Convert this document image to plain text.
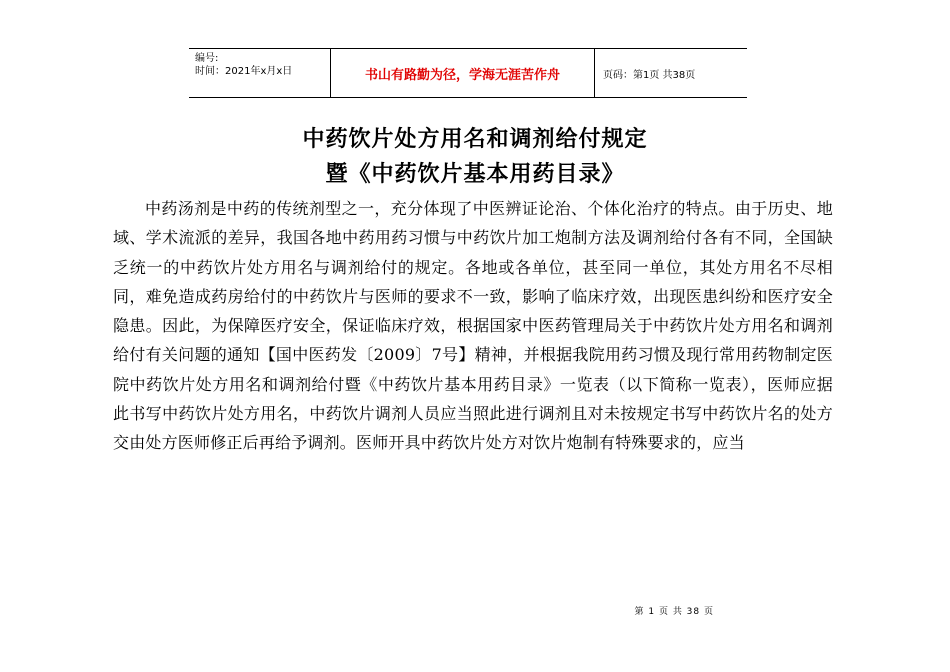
编号:
时间：2021年x月x日	书山有路勤为径，学海无涯苦作舟	页码：第1页 共38页
中药饮片处方用名和调剂给付规定
暨《中药饮片基本用药目录》
中药汤剂是中药的传统剂型之一，充分体现了中医辨证论治、个体化治疗的特点。由于历史、地域、学术流派的差异，我国各地中药用药习惯与中药饮片加工炮制方法及调剂给付各有不同，全国缺乏统一的中药饮片处方用名与调剂给付的规定。各地或各单位，甚至同一单位，其处方用名不尽相同，难免造成药房给付的中药饮片与医师的要求不一致，影响了临床疗效，出现医患纠纷和医疗安全隐患。因此，为保障医疗安全，保证临床疗效，根据国家中医药管理局关于中药饮片处方用名和调剂给付有关问题的通知【国中医药发〔2009〕7号】精神，并根据我院用药习惯及现行常用药物制定医院中药饮片处方用名和调剂给付暨《中药饮片基本用药目录》一览表（以下简称一览表），医师应据此书写中药饮片处方用名，中药饮片调剂人员应当照此进行调剂且对未按规定书写中药饮片名的处方交由处方医师修正后再给予调剂。医师开具中药饮片处方对饮片炮制有特殊要求的，应当
第 1 页 共 38 页
